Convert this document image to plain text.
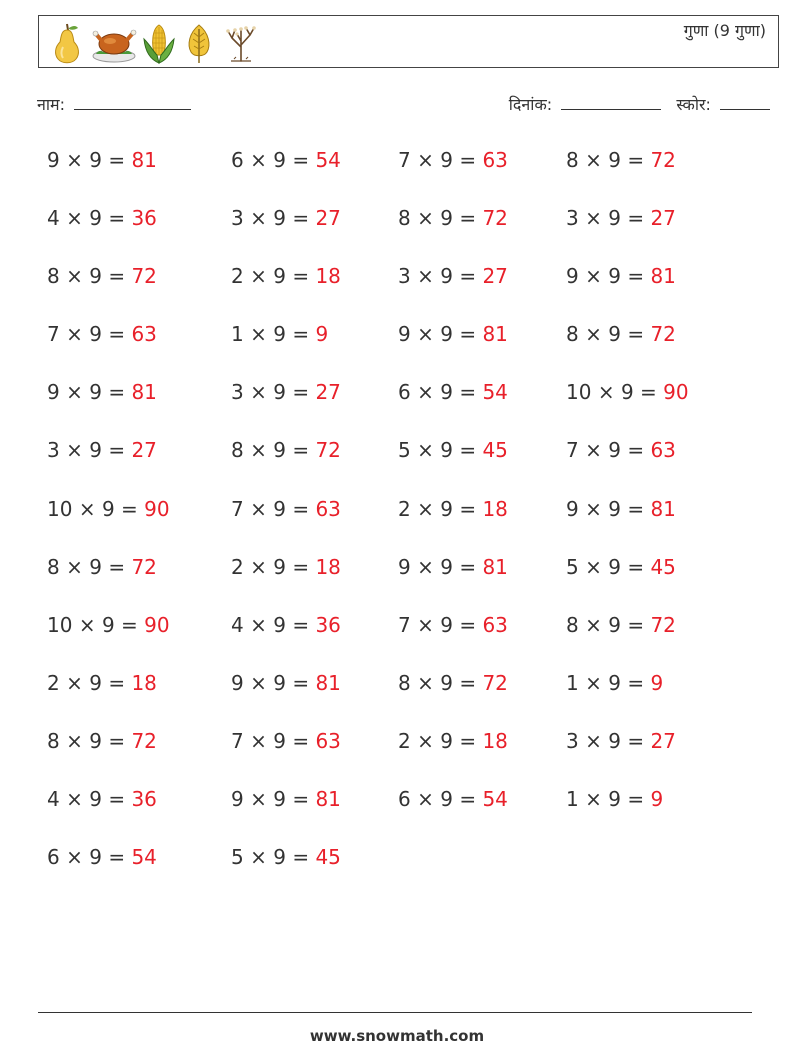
गुणा (9 गुणा)
नाम:	दिनांक:	स्कोर:
9 × 9 = 81	6 × 9 = 54	7 × 9 = 63	8 × 9 = 72
4 × 9 = 36	3 × 9 = 27	8 × 9 = 72	3 × 9 = 27
8 × 9 = 72	2 × 9 = 18	3 × 9 = 27	9 × 9 = 81
7 × 9 = 63	1 × 9 = 9	9 × 9 = 81	8 × 9 = 72
9 × 9 = 81	3 × 9 = 27	6 × 9 = 54	10 × 9 = 90
3 × 9 = 27	8 × 9 = 72	5 × 9 = 45	7 × 9 = 63
10 × 9 = 90	7 × 9 = 63	2 × 9 = 18	9 × 9 = 81
8 × 9 = 72	2 × 9 = 18	9 × 9 = 81	5 × 9 = 45
10 × 9 = 90	4 × 9 = 36	7 × 9 = 63	8 × 9 = 72
2 × 9 = 18	9 × 9 = 81	8 × 9 = 72	1 × 9 = 9
8 × 9 = 72	7 × 9 = 63	2 × 9 = 18	3 × 9 = 27
4 × 9 = 36	9 × 9 = 81	6 × 9 = 54	1 × 9 = 9
6 × 9 = 54	5 × 9 = 45
www.snowmath.com
